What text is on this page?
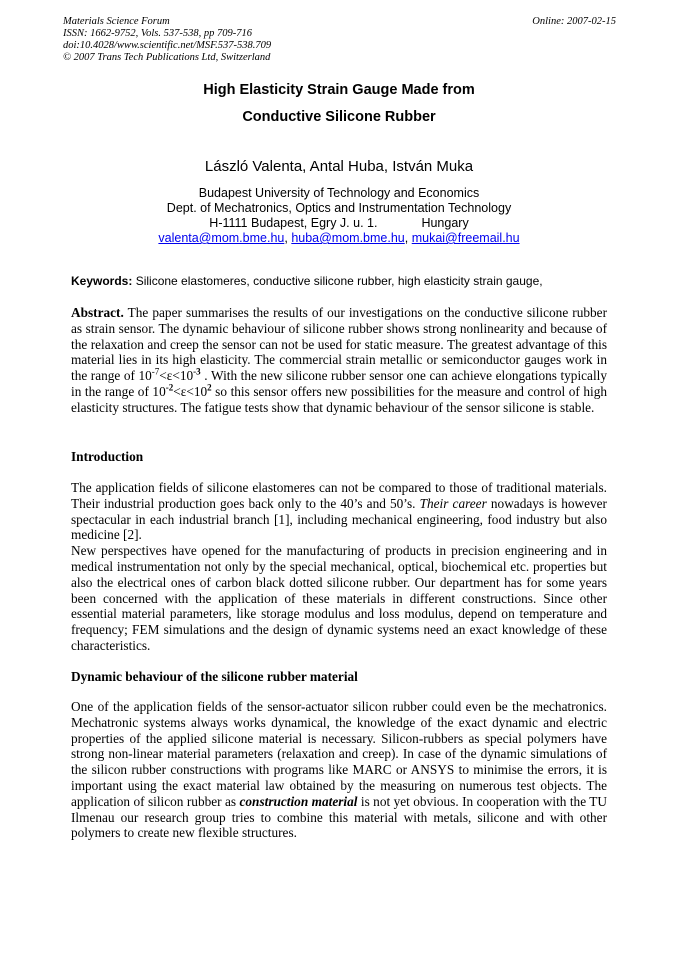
Materials Science Forum
ISSN: 1662-9752, Vols. 537-538, pp 709-716
doi:10.4028/www.scientific.net/MSF.537-538.709
© 2007 Trans Tech Publications Ltd, Switzerland
Online: 2007-02-15
High Elasticity Strain Gauge Made from
Conductive Silicone Rubber
László Valenta, Antal Huba, István Muka
Budapest University of Technology and Economics
Dept. of Mechatronics, Optics and Instrumentation Technology
H-1111 Budapest, Egry J. u. 1.	Hungary
valenta@mom.bme.hu, huba@mom.bme.hu, mukai@freemail.hu
Keywords: Silicone elastomeres, conductive silicone rubber, high elasticity strain gauge,
Abstract. The paper summarises the results of our investigations on the conductive silicone rubber as strain sensor. The dynamic behaviour of silicone rubber shows strong nonlinearity and because of the relaxation and creep the sensor can not be used for static measure. The greatest advantage of this material lies in its high elasticity. The commercial strain metallic or semiconductor gauges work in the range of $10^{-7}<\varepsilon<10^{-3}$ . With the new silicone rubber sensor one can achieve elongations typically in the range of $10^{-2}<\varepsilon<10^2$ so this sensor offers new possibilities for the measure and control of high elasticity structures. The fatigue tests show that dynamic behaviour of the sensor silicone is stable.
Introduction

The application fields of silicone elastomeres can not be compared to those of traditional materials. Their industrial production goes back only to the 40’s and 50’s. Their career nowadays is however spectacular in each industrial branch [1], including mechanical engineering, food industry but also medicine [2].

New perspectives have opened for the manufacturing of products in precision engineering and in medical instrumentation not only by the special mechanical, optical, biochemical etc. properties but also the electrical ones of carbon black dotted silicone rubber. Our department has for some years been concerned with the application of these materials in different constructions. Since other essential material parameters, like storage modulus and loss modulus, depend on temperature and frequency; FEM simulations and the design of dynamic systems need an exact knowledge of these characteristics.

Dynamic behaviour of the silicone rubber material

One of the application fields of the sensor-actuator silicon rubber could even be the mechatronics. Mechatronic systems always works dynamical, the knowledge of the exact dynamic and electric properties of the applied silicone material is necessary. Silicon-rubbers as special polymers have strong non-linear material parameters (relaxation and creep). In case of the dynamic simulations of the silicon rubber constructions with programs like MARC or ANSYS to minimise the errors, it is important using the exact material law obtained by the measuring on numerous test objects. The application of silicon rubber as construction material is not yet obvious. In cooperation with the TU Ilmenau our research group tries to combine this material with metals, silicone and with other polymers to create new flexible structures.
